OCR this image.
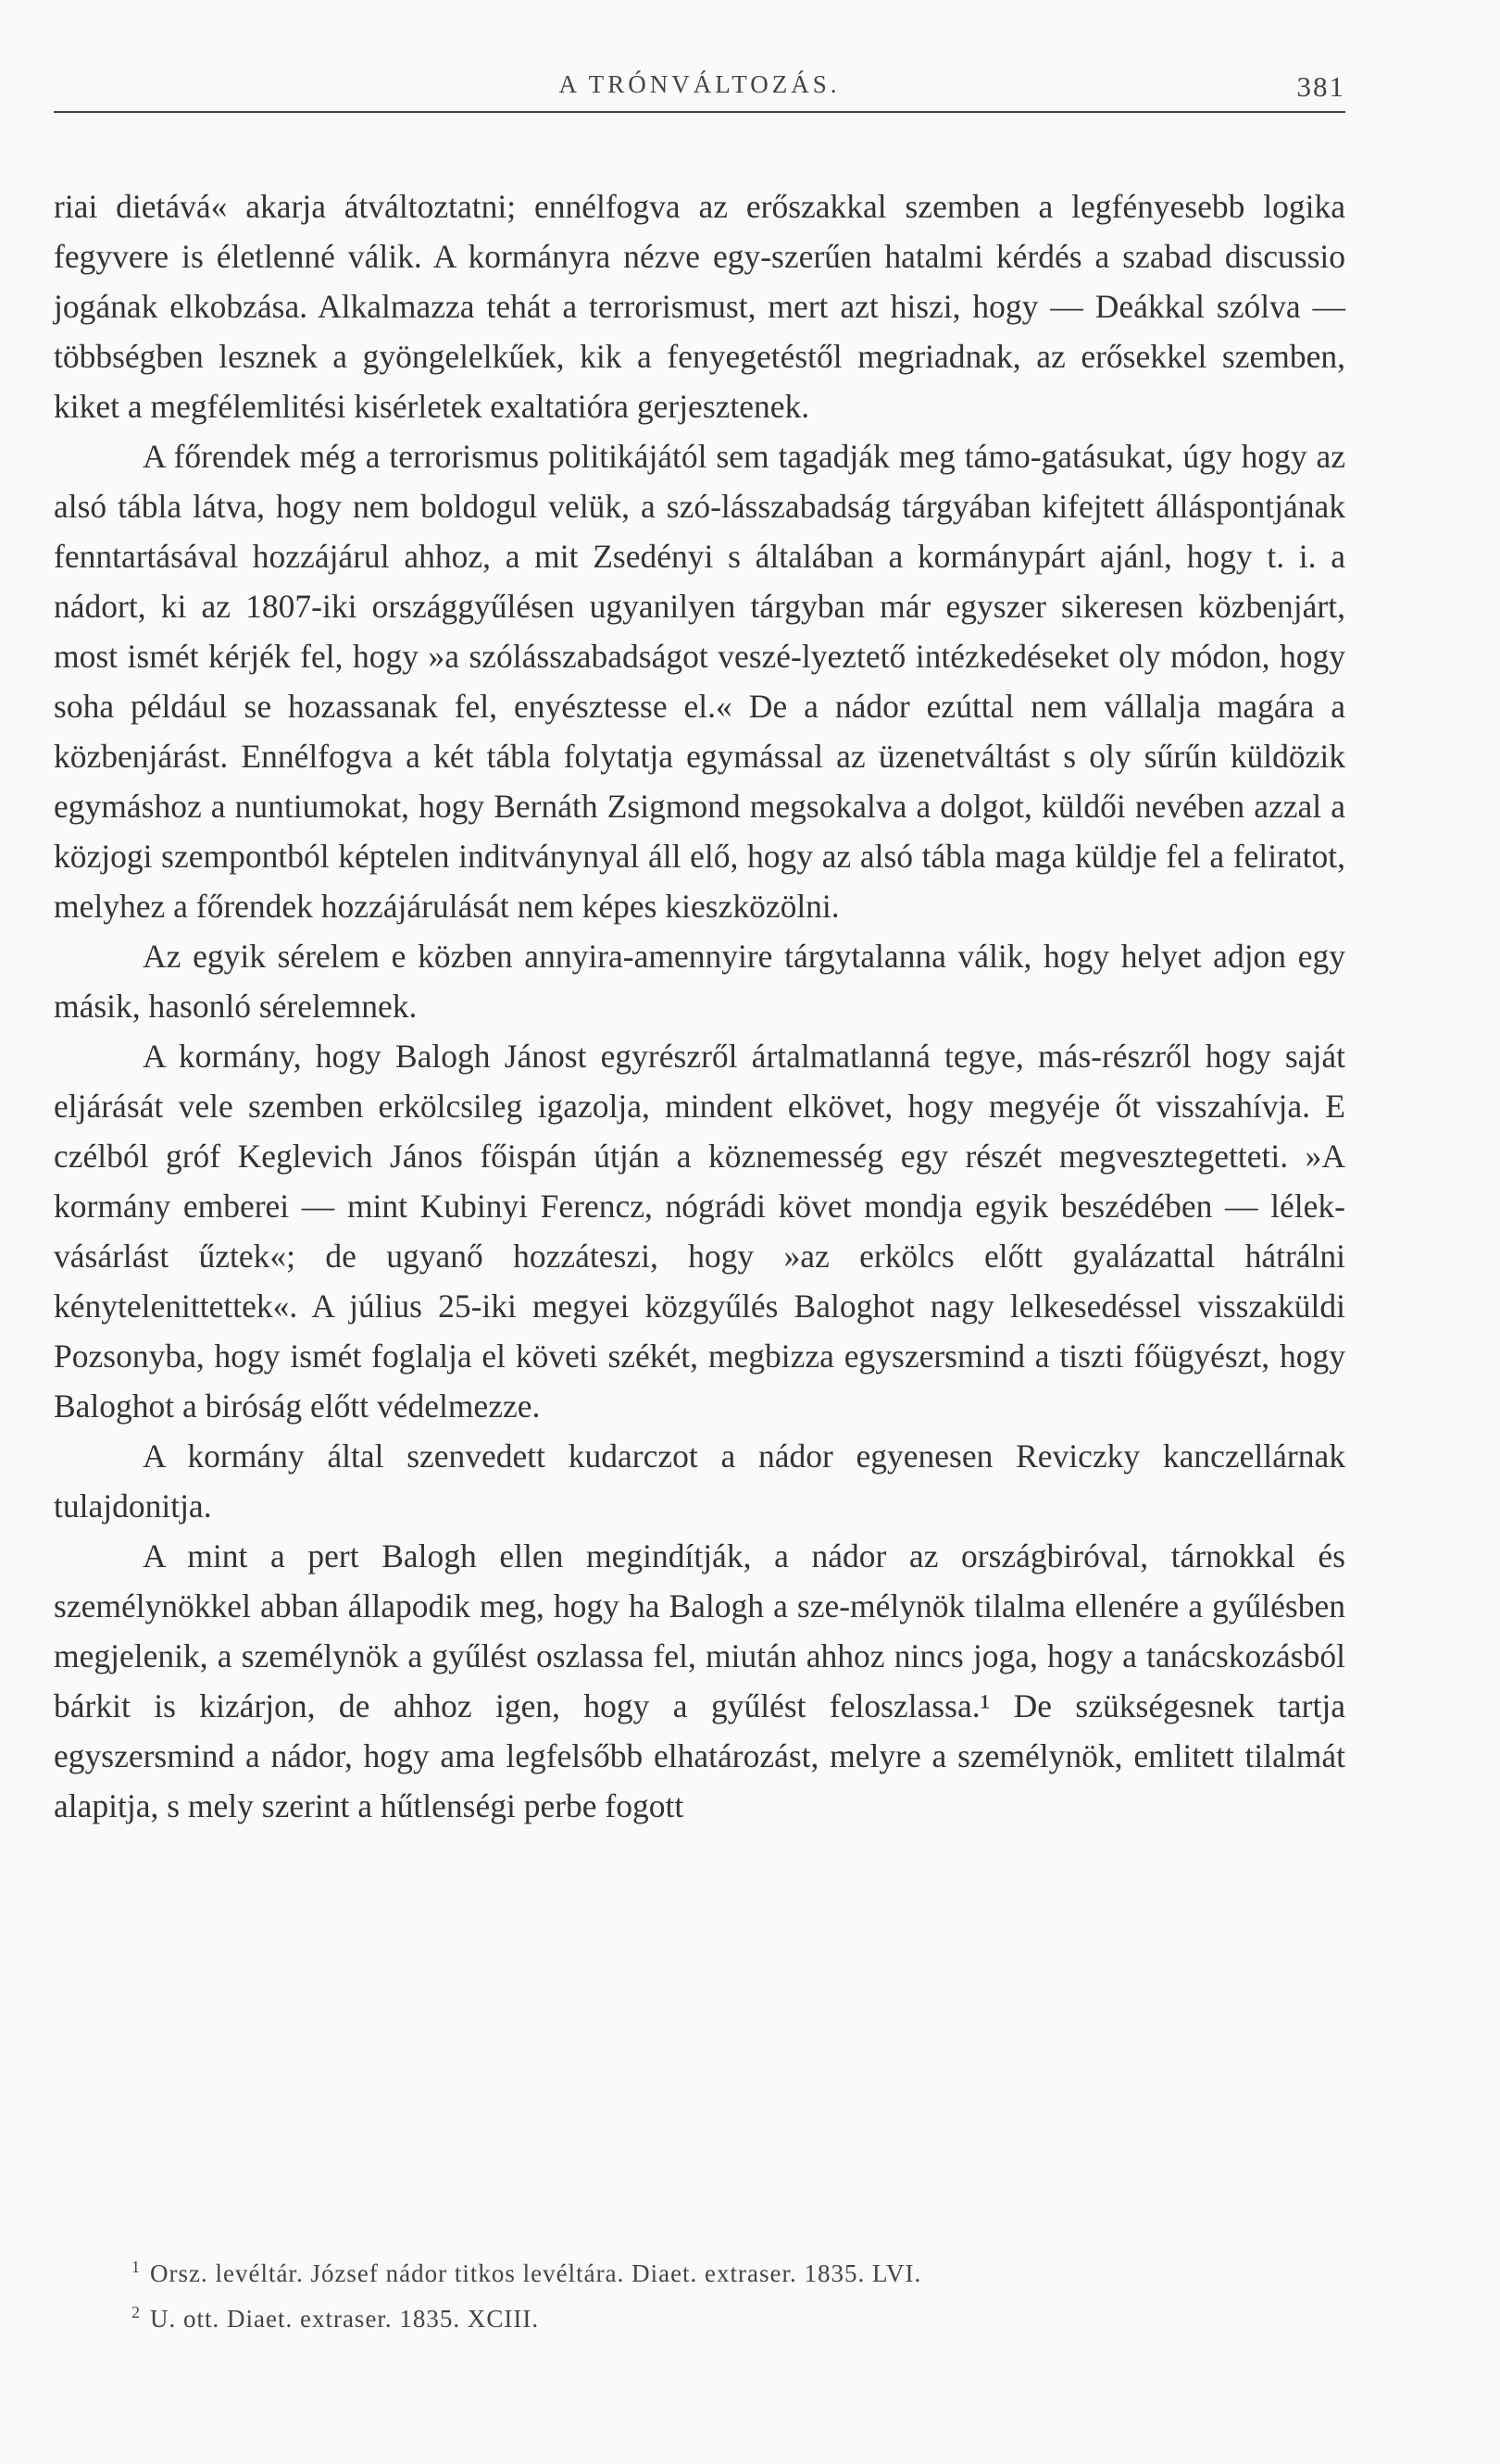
A TRÓNVÁLTOZÁS.	381

riai dietává« akarja átváltoztatni; ennélfogva az erőszakkal szemben a legfényesebb logika fegyvere is életlenné válik. A kormányra nézve egy-szerűen hatalmi kérdés a szabad discussio jogának elkobzása. Alkalmazza tehát a terrorismust, mert azt hiszi, hogy — Deákkal szólva — többségben lesznek a gyöngelelkűek, kik a fenyegetéstől megriadnak, az erősekkel szemben, kiket a megfélemlitési kisérletek exaltatióra gerjesztenek.

A főrendek még a terrorismus politikájától sem tagadják meg támo-gatásukat, úgy hogy az alsó tábla látva, hogy nem boldogul velük, a szó-lásszabadság tárgyában kifejtett álláspontjának fenntartásával hozzájárul ahhoz, a mit Zsedényi s általában a kormánypárt ajánl, hogy t. i. a nádort, ki az 1807-iki országgyűlésen ugyanilyen tárgyban már egyszer sikeresen közbenjárt, most ismét kérjék fel, hogy »a szólásszabadságot veszé-lyeztető intézkedéseket oly módon, hogy soha például se hozassanak fel, enyésztesse el.« De a nádor ezúttal nem vállalja magára a közbenjárást. Ennélfogva a két tábla folytatja egymással az üzenetváltást s oly sűrűn küldözik egymáshoz a nuntiumokat, hogy Bernáth Zsigmond megsokalva a dolgot, küldői nevében azzal a közjogi szempontból képtelen inditványnyal áll elő, hogy az alsó tábla maga küldje fel a feliratot, melyhez a főrendek hozzájárulását nem képes kieszközölni.

Az egyik sérelem e közben annyira-amennyire tárgytalanna válik, hogy helyet adjon egy másik, hasonló sérelemnek.

A kormány, hogy Balogh Jánost egyrészről ártalmatlanná tegye, más-részről hogy saját eljárását vele szemben erkölcsileg igazolja, mindent elkövet, hogy megyéje őt visszahívja. E czélból gróf Keglevich János főispán útján a köznemesség egy részét megvesztegetteti. »A kormány emberei — mint Kubinyi Ferencz, nógrádi követ mondja egyik beszédében — lélek-vásárlást űztek«; de ugyanő hozzáteszi, hogy »az erkölcs előtt gyalázattal hátrálni kénytelenittettek«. A július 25-iki megyei közgyűlés Baloghot nagy lelkesedéssel visszaküldi Pozsonyba, hogy ismét foglalja el követi székét, megbizza egyszersmind a tiszti főügyészt, hogy Baloghot a biróság előtt védelmezze.

A kormány által szenvedett kudarczot a nádor egyenesen Reviczky kanczellárnak tulajdonitja.

A mint a pert Balogh ellen megindítják, a nádor az országbiróval, tárnokkal és személynökkel abban állapodik meg, hogy ha Balogh a sze-mélynök tilalma ellenére a gyűlésben megjelenik, a személynök a gyűlést oszlassa fel, miután ahhoz nincs joga, hogy a tanácskozásból bárkit is kizárjon, de ahhoz igen, hogy a gyűlést feloszlassa.¹ De szükségesnek tartja egyszersmind a nádor, hogy ama legfelsőbb elhatározást, melyre a személynök, emlitett tilalmát alapitja, s mely szerint a hűtlenségi perbe fogott

$^1$ Orsz. levéltár. József nádor titkos levéltára. Diaet. extraser. 1835. LVI.

$^2$ U. ott. Diaet. extraser. 1835. XCIII.
